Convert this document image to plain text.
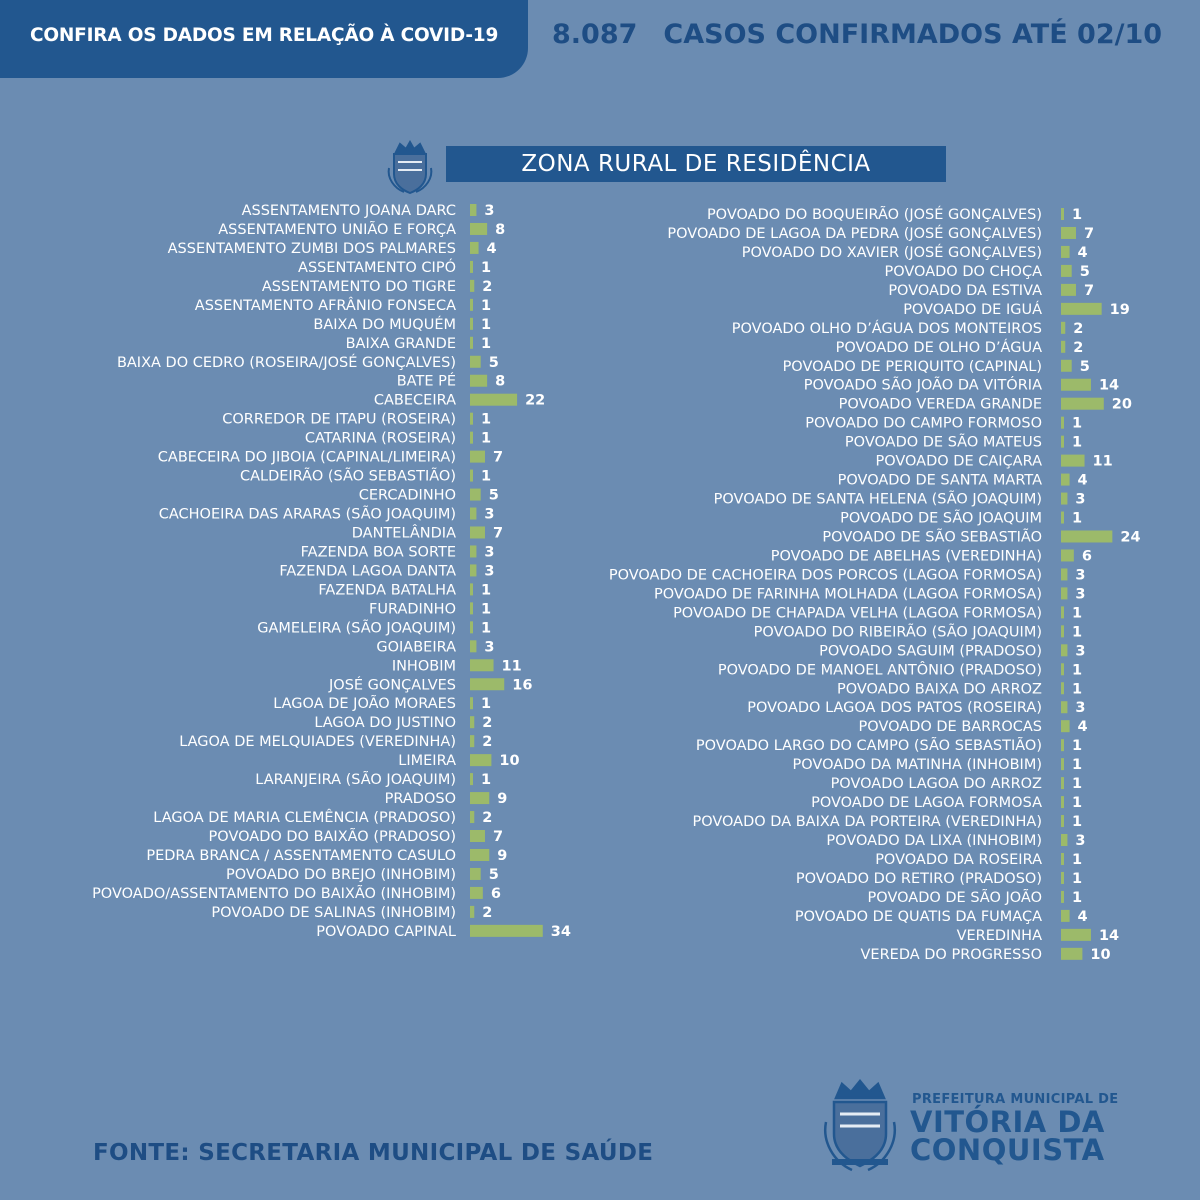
CONFIRA OS DADOS EM RELAÇÃO À COVID-19 8.087 CASOS CONFIRMADOS ATÉ 02/10
ZONA RURAL DE RESIDÊNCIA
ASSENTAMENTO JOANA DARC 3
ASSENTAMENTO UNIÃO E FORÇA	8
ASSENTAMENTO ZUMBI DOS PALMARES 4
ASSENTAMENTO CIPÓ 1
ASSENTAMENTO DO TIGRE 2
ASSENTAMENTO AFRÂNIO FONSECA 1
BAIXA DO MUQUÉM 1
BAIXA GRANDE 1
BAIXA DO CEDRO (ROSEIRA/JOSÉ GONÇALVES) 5
BATE PÉ	8
CABECEIRA	22
CORREDOR DE ITAPU (ROSEIRA) 1
CATARINA (ROSEIRA) 1
CABECEIRA DO JIBOIA (CAPINAL/LIMEIRA)	7
CALDEIRÃO (SÃO SEBASTIÃO) 1
CERCADINHO 5
CACHOEIRA DAS ARARAS (SÃO JOAQUIM) 3
DANTELÂNDIA	7
FAZENDA BOA SORTE 3
FAZENDA LAGOA DANTA 3
FAZENDA BATALHA 1
FURADINHO 1
GAMELEIRA (SÃO JOAQUIM) 1
GOIABEIRA 3
INHOBIM	11
JOSÉ GONÇALVES	16
LAGOA DE JOÃO MORAES 1
LAGOA DO JUSTINO 2
LAGOA DE MELQUIADES (VEREDINHA) 2
LIMEIRA	10
LARANJEIRA (SÃO JOAQUIM) 1
PRADOSO	9
LAGOA DE MARIA CLEMÊNCIA (PRADOSO) 2
POVOADO DO BAIXÃO (PRADOSO)	7
PEDRA BRANCA / ASSENTAMENTO CASULO	9
POVOADO DO BREJO (INHOBIM) 5
POVOADO/ASSENTAMENTO DO BAIXÃO (INHOBIM) 6
POVOADO DE SALINAS (INHOBIM) 2
POVOADO CAPINAL	34
POVOADO DO BOQUEIRÃO (JOSÉ GONÇALVES) 1
POVOADO DE LAGOA DA PEDRA (JOSÉ GONÇALVES)	7
POVOADO DO XAVIER (JOSÉ GONÇALVES) 4
POVOADO DO CHOÇA	5
POVOADO DA ESTIVA	7
POVOADO DE IGUÁ	19
POVOADO OLHO D’ÁGUA DOS MONTEIROS 2
POVOADO DE OLHO D’ÁGUA 2
POVOADO DE PERIQUITO (CAPINAL)	5
POVOADO SÃO JOÃO DA VITÓRIA	14
POVOADO VEREDA GRANDE	20
POVOADO DO CAMPO FORMOSO 1
POVOADO DE SÃO MATEUS 1
POVOADO DE CAIÇARA	11
POVOADO DE SANTA MARTA 4
POVOADO DE SANTA HELENA (SÃO JOAQUIM) 3
POVOADO DE SÃO JOAQUIM 1
POVOADO DE SÃO SEBASTIÃO	24
POVOADO DE ABELHAS (VEREDINHA)	6
POVOADO DE CACHOEIRA DOS PORCOS (LAGOA FORMOSA) 3
POVOADO DE FARINHA MOLHADA (LAGOA FORMOSA) 3
POVOADO DE CHAPADA VELHA (LAGOA FORMOSA) 1
POVOADO DO RIBEIRÃO (SÃO JOAQUIM) 1
POVOADO SAGUIM (PRADOSO) 3
POVOADO DE MANOEL ANTÔNIO (PRADOSO) 1
POVOADO BAIXA DO ARROZ 1
POVOADO LAGOA DOS PATOS (ROSEIRA) 3
POVOADO DE BARROCAS 4
POVOADO LARGO DO CAMPO (SÃO SEBASTIÃO) 1
POVOADO DA MATINHA (INHOBIM) 1
POVOADO LAGOA DO ARROZ 1
POVOADO DE LAGOA FORMOSA 1
POVOADO DA BAIXA DA PORTEIRA (VEREDINHA) 1
POVOADO DA LIXA (INHOBIM) 3
POVOADO DA ROSEIRA 1
POVOADO DO RETIRO (PRADOSO) 1
POVOADO DE SÃO JOÃO 1
POVOADO DE QUATIS DA FUMAÇA 4
VEREDINHA	14
VEREDA DO PROGRESSO	10
FONTE: SECRETARIA MUNICIPAL DE SAÚDE
PREFEITURA MUNICIPAL DE
VITÓRIA DA
CONQUISTA
